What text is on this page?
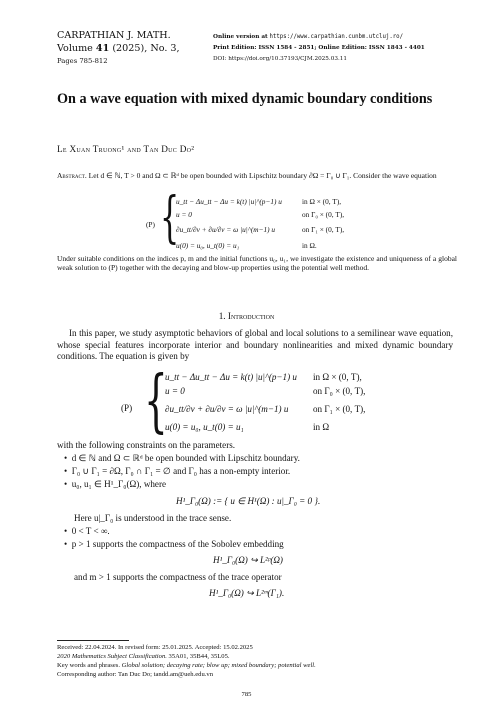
CARPATHIAN J. MATH.
Volume 41 (2025), No. 3,
Pages 785-812
Online version at https://www.carpathian.cunbm.utcluj.ro/
Print Edition: ISSN 1584 - 2851; Online Edition: ISSN 1843 - 4401
DOI: https://doi.org/10.37193/CJM.2025.03.11
On a wave equation with mixed dynamic boundary conditions
Le Xuan Truong¹ and Tan Duc Do²
Abstract. Let d ∈ ℕ, T > 0 and Ω ⊂ ℝᵈ be open bounded with Lipschitz boundary ∂Ω = Γ₀ ∪ Γ₁. Consider the wave equation
(P) {
u_tt − Δu_tt − Δu = k(t) |u|^(p−1) u	in Ω × (0, T),
u = 0	on Γ₀ × (0, T),
∂u_tt/∂ν + ∂u/∂ν = ω |u|^(m−1) u	on Γ₁ × (0, T),
u(0) = u₀, u_t(0) = u₁	in Ω.
Under suitable conditions on the indices p, m and the initial functions u₀, u₁, we investigate the existence and uniqueness of a global weak solution to (P) together with the decaying and blow-up properties using the potential well method.
1. Introduction
In this paper, we study asymptotic behaviors of global and local solutions to a semilinear wave equation, whose special features incorporate interior and boundary nonlinearities and mixed dynamic boundary conditions. The equation is given by
(P) {
u_tt − Δu_tt − Δu = k(t) |u|^(p−1) u in Ω × (0, T),
u = 0	on Γ₀ × (0, T),
∂u_tt/∂ν + ∂u/∂ν = ω |u|^(m−1) u	on Γ₁ × (0, T),
u(0) = u₀, u_t(0) = u₁	in Ω
with the following constraints on the parameters.
•  d ∈ ℕ and Ω ⊂ ℝᵈ be open bounded with Lipschitz boundary.
•  Γ₀ ∪ Γ₁ = ∂Ω, Γ₀ ∩ Γ₁ = ∅ and Γ₀ has a non-empty interior.
•  u₀, u₁ ∈ H¹_Γ₀(Ω), where
H¹_Γ₀(Ω) := { u ∈ H¹(Ω) : u|_Γ₀ = 0 }.
Here u|_Γ₀ is understood in the trace sense.
•  0 < T < ∞.
•  p > 1 supports the compactness of the Sobolev embedding
H¹_Γ₀(Ω) ↪ L²ᵖ(Ω)
and m > 1 supports the compactness of the trace operator
H¹_Γ₀(Ω) ↪ L²ᵐ(Γ₁).
Received: 22.04.2024. In revised form: 25.01.2025. Accepted: 15.02.2025
2020 Mathematics Subject Classification. 35A01, 35B44, 35L05.
Key words and phrases. Global solution; decaying rate; blow up; mixed boundary; potential well.
Corresponding author: Tan Duc Do; tandd.am@ueh.edu.vn
785
